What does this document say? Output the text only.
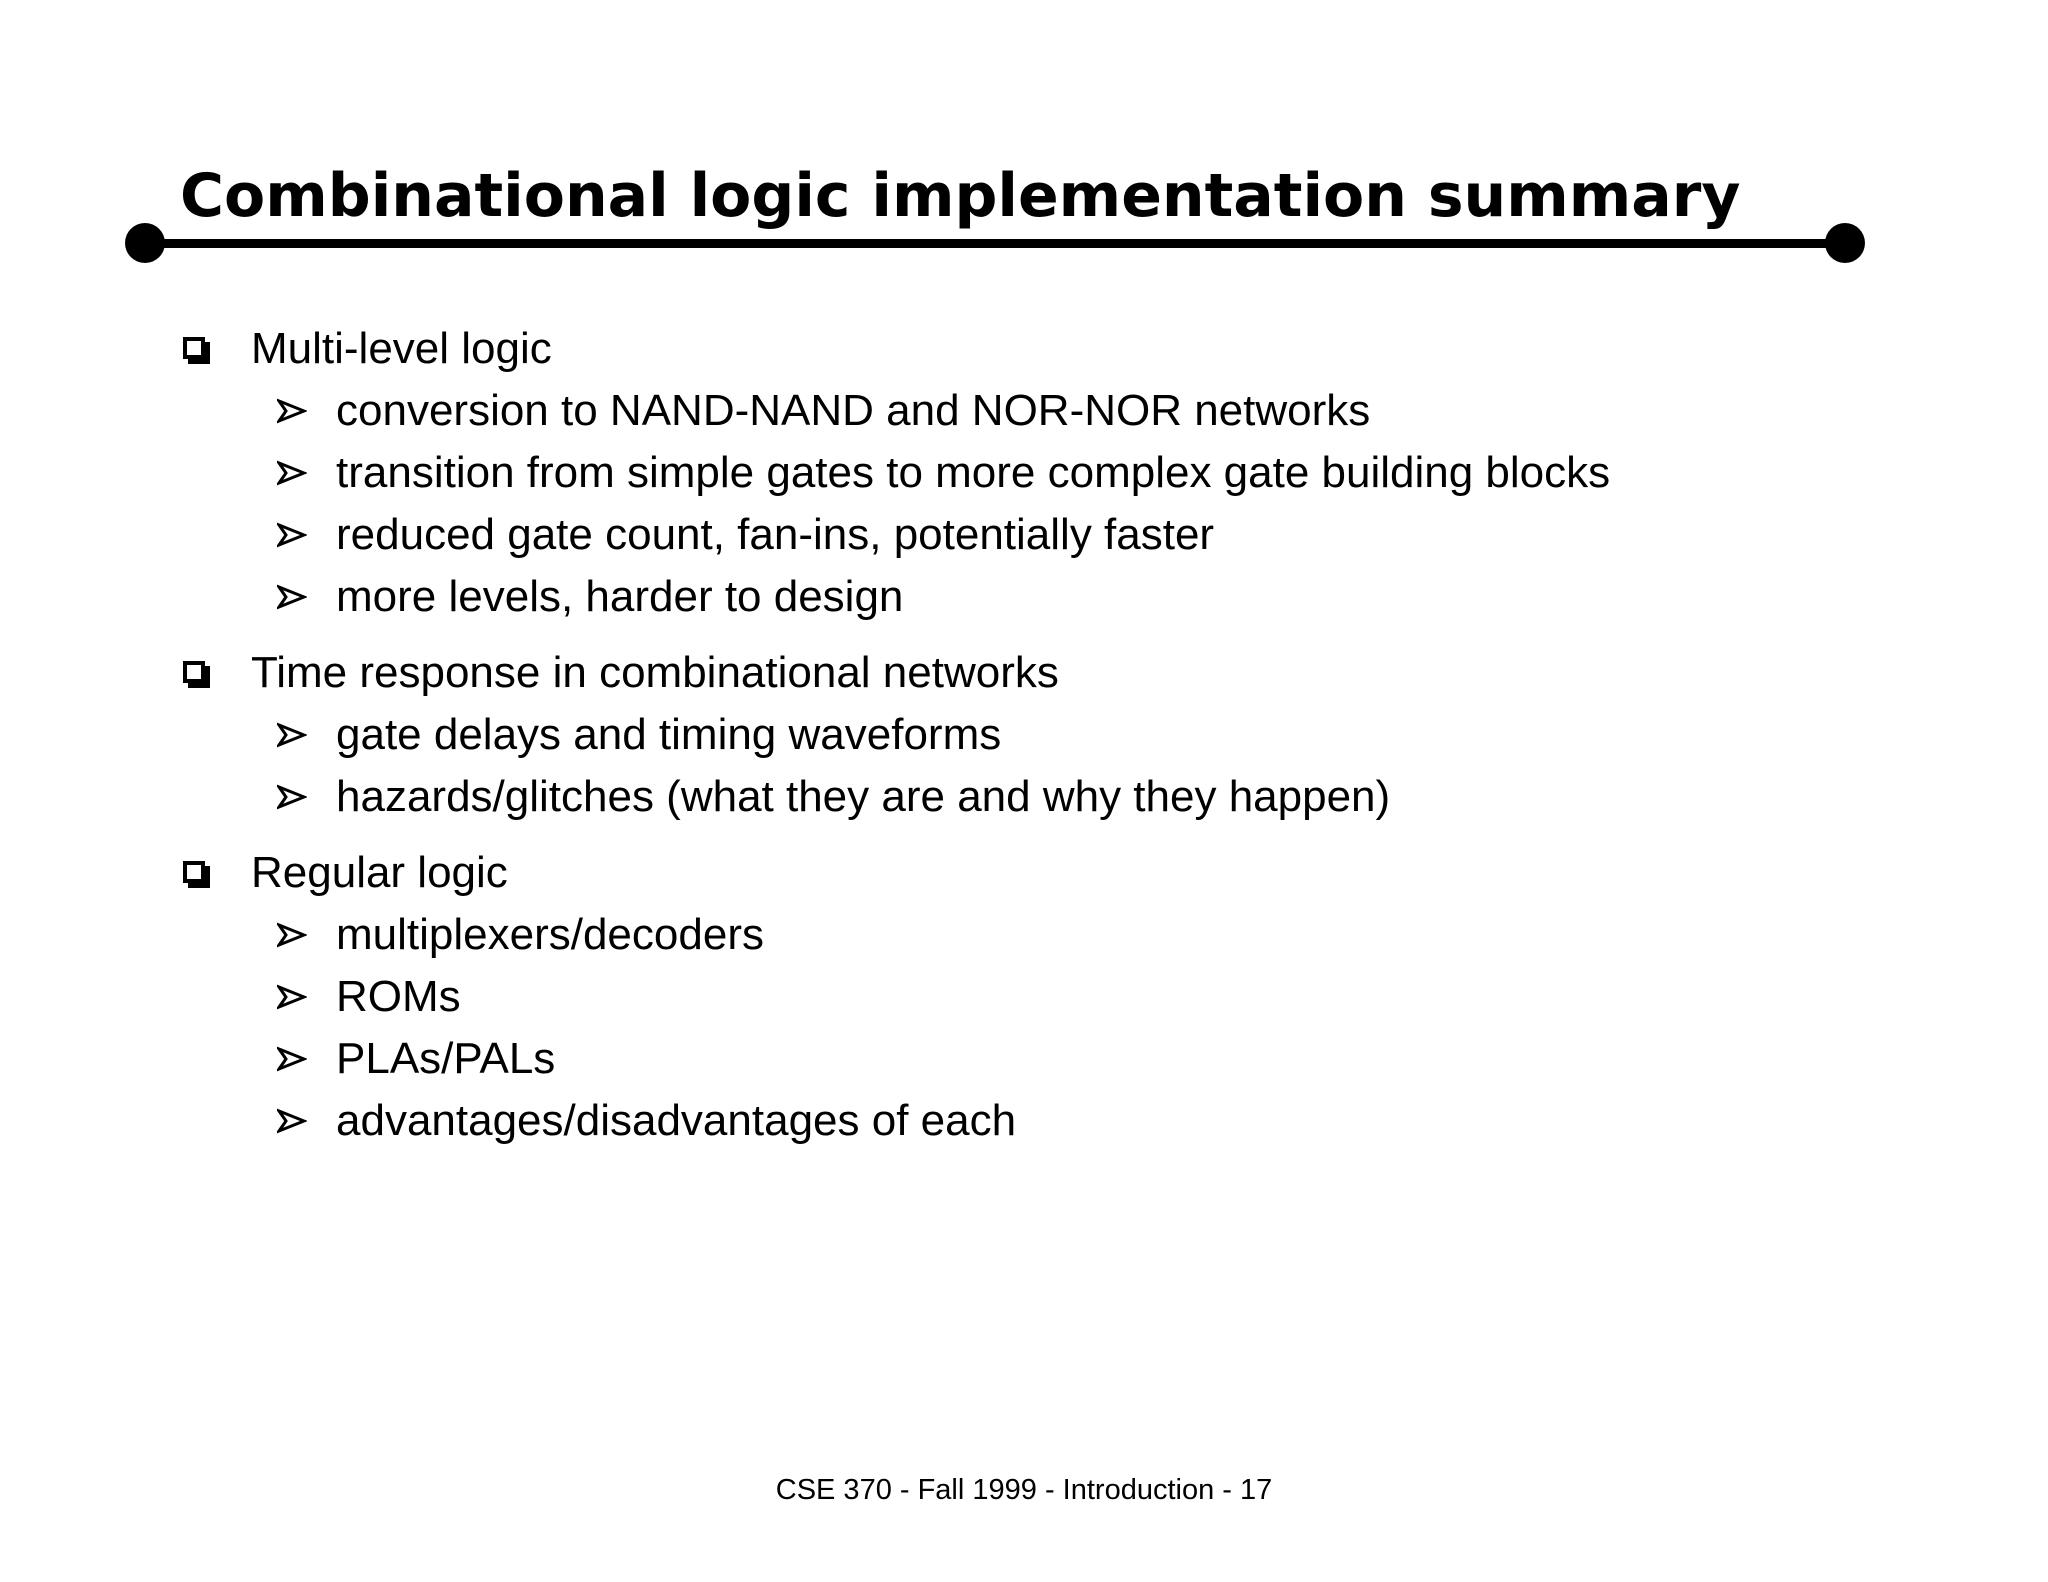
Combinational logic implementation summary
Multi-level logic
conversion to NAND-NAND and NOR-NOR networks
transition from simple gates to more complex gate building blocks
reduced gate count, fan-ins, potentially faster
more levels, harder to design
Time response in combinational networks
gate delays and timing waveforms
hazards/glitches (what they are and why they happen)
Regular logic
multiplexers/decoders
ROMs
PLAs/PALs
advantages/disadvantages of each
CSE 370 - Fall 1999 - Introduction - 17
